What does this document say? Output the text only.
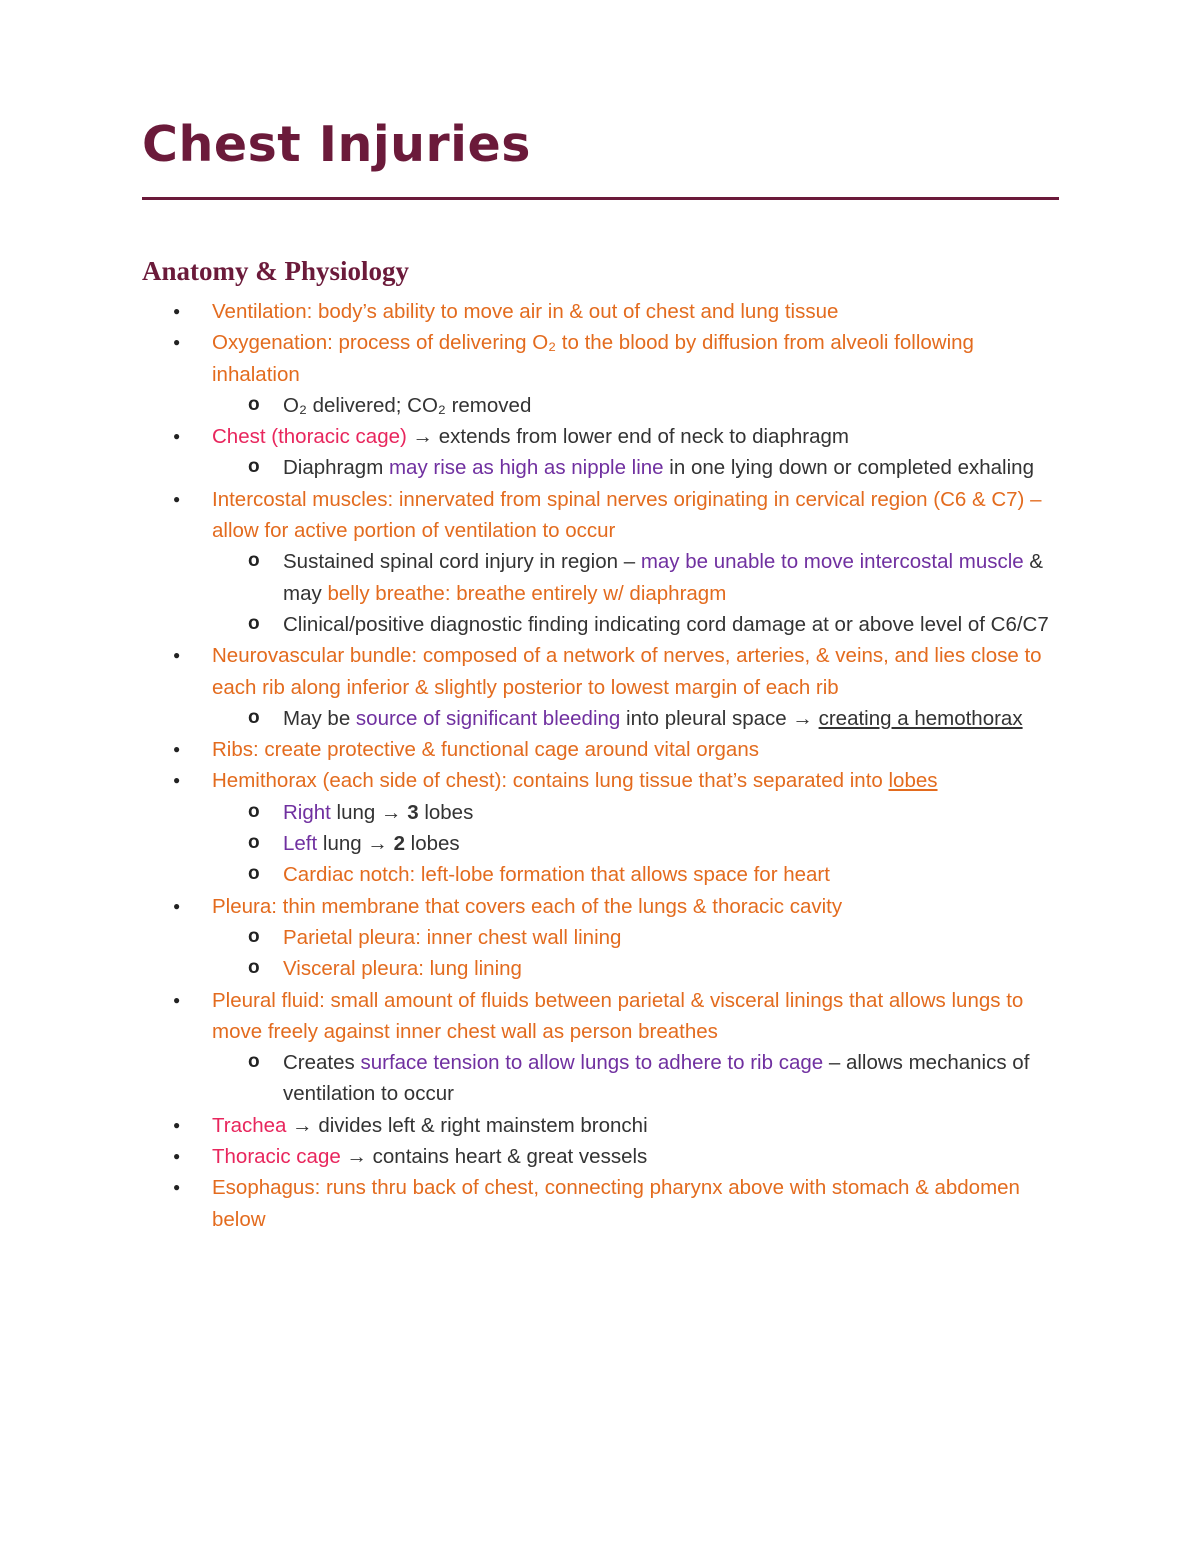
Chest Injuries
Anatomy & Physiology
● Ventilation: body’s ability to move air in & out of chest and lung tissue
● Oxygenation: process of delivering O₂ to the blood by diffusion from alveoli following inhalation
o O₂ delivered; CO₂ removed
● Chest (thoracic cage) → extends from lower end of neck to diaphragm
o Diaphragm may rise as high as nipple line in one lying down or completed exhaling
● Intercostal muscles: innervated from spinal nerves originating in cervical region (C6 & C7) – allow for active portion of ventilation to occur
o Sustained spinal cord injury in region – may be unable to move intercostal muscle & may belly breathe: breathe entirely w/ diaphragm
o Clinical/positive diagnostic finding indicating cord damage at or above level of C6/C7
● Neurovascular bundle: composed of a network of nerves, arteries, & veins, and lies close to each rib along inferior & slightly posterior to lowest margin of each rib
o May be source of significant bleeding into pleural space → creating a hemothorax
● Ribs: create protective & functional cage around vital organs
● Hemithorax (each side of chest): contains lung tissue that’s separated into lobes
o Right lung → 3 lobes
o Left lung → 2 lobes
o Cardiac notch: left-lobe formation that allows space for heart
● Pleura: thin membrane that covers each of the lungs & thoracic cavity
o Parietal pleura: inner chest wall lining
o Visceral pleura: lung lining
● Pleural fluid: small amount of fluids between parietal & visceral linings that allows lungs to move freely against inner chest wall as person breathes
o Creates surface tension to allow lungs to adhere to rib cage – allows mechanics of ventilation to occur
● Trachea → divides left & right mainstem bronchi
● Thoracic cage → contains heart & great vessels
● Esophagus: runs thru back of chest, connecting pharynx above with stomach & abdomen below
